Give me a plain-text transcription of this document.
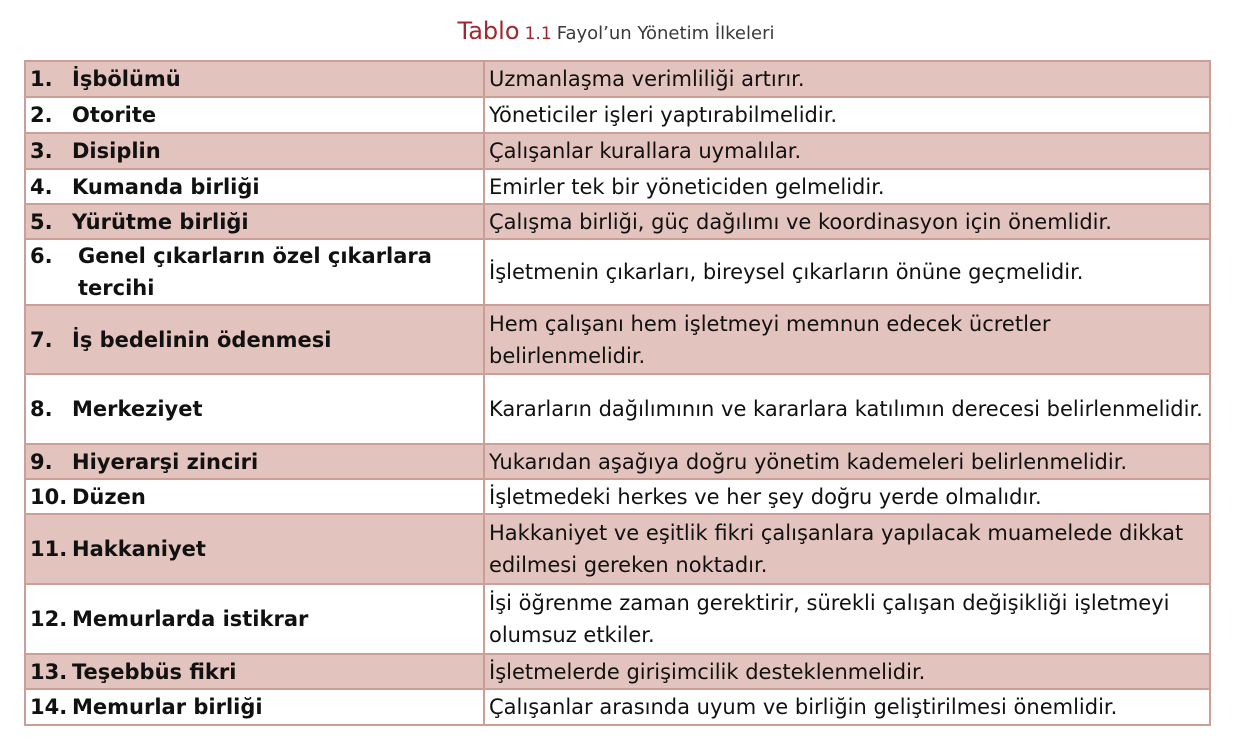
Tablo 1.1 Fayol’un Yönetim İlkeleri
1. İşbölümü	Uzmanlaşma verimliliği artırır.

2. Otorite	Yöneticiler işleri yaptırabilmelidir.

3. Disiplin	Çalışanlar kurallara uymalılar.

4. Kumanda birliği	Emirler tek bir yöneticiden gelmelidir.

5. Yürütme birliği	Çalışma birliği, güç dağılımı ve koordinasyon için önemlidir.

6. Genel çıkarların özel çıkarlara tercihi	İşletmenin çıkarları, bireysel çıkarların önüne geçmelidir.

7. İş bedelinin ödenmesi	Hem çalışanı hem işletmeyi memnun edecek ücretler belirlenmelidir.

8. Merkeziyet	Kararların dağılımının ve kararlara katılımın derecesi belirlenmelidir.

9. Hiyerarşi zinciri	Yukarıdan aşağıya doğru yönetim kademeleri belirlenmelidir.

10. Düzen	İşletmedeki herkes ve her şey doğru yerde olmalıdır.

11. Hakkaniyet	Hakkaniyet ve eşitlik fikri çalışanlara yapılacak muamelede dikkat edilmesi gereken noktadır.

12. Memurlarda istikrar	İşi öğrenme zaman gerektirir, sürekli çalışan değişikliği işletmeyi olumsuz etkiler.

13. Teşebbüs fikri	İşletmelerde girişimcilik desteklenmelidir.

14. Memurlar birliği	Çalışanlar arasında uyum ve birliğin geliştirilmesi önemlidir.
